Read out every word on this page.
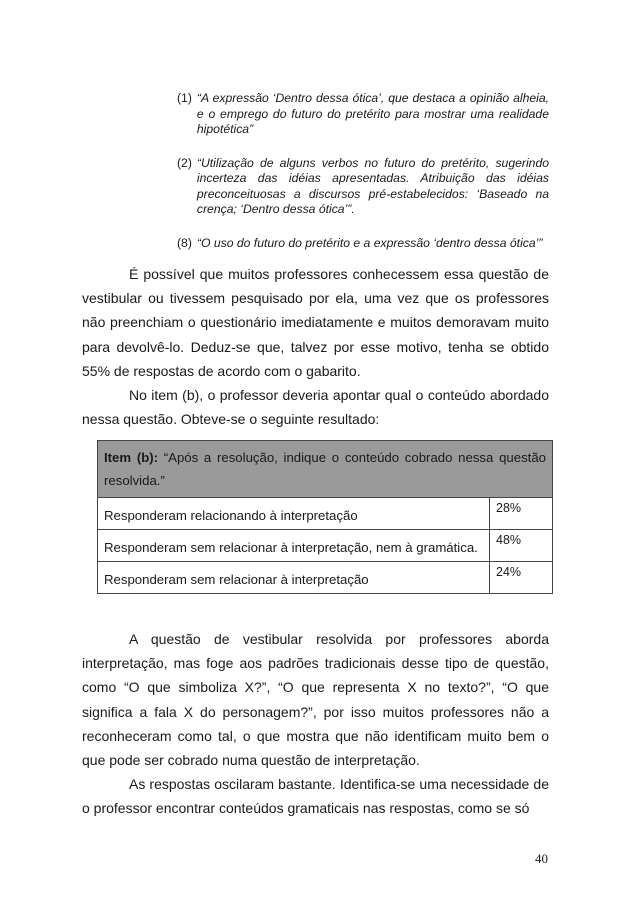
(1) “A expressão ‘Dentro dessa ótica’, que destaca a opinião alheia, e o emprego do futuro do pretérito para mostrar uma realidade hipotética”
(2) “Utilização de alguns verbos no futuro do pretérito, sugerindo incerteza das idéias apresentadas. Atribuição das idéias preconceituosas a discursos pré-estabelecidos: ‘Baseado na crença; ‘Dentro dessa ótica’”.
(8) “O uso do futuro do pretérito e a expressão ‘dentro dessa ótica’”

É possível que muitos professores conhecessem essa questão de vestibular ou tivessem pesquisado por ela, uma vez que os professores não preenchiam o questionário imediatamente e muitos demoravam muito para devolvê-lo. Deduz-se que, talvez por esse motivo, tenha se obtido 55% de respostas de acordo com o gabarito.

No item (b), o professor deveria apontar qual o conteúdo abordado nessa questão. Obteve-se o seguinte resultado:

Item (b): “Após a resolução, indique o conteúdo cobrado nessa questão resolvida.”	
Responderam relacionando à interpretação	28%
Responderam sem relacionar à interpretação, nem à gramática.	48%
Responderam sem relacionar à interpretação	24%

A questão de vestibular resolvida por professores aborda interpretação, mas foge aos padrões tradicionais desse tipo de questão, como “O que simboliza X?”, “O que representa X no texto?”, “O que significa a fala X do personagem?”, por isso muitos professores não a reconheceram como tal, o que mostra que não identificam muito bem o que pode ser cobrado numa questão de interpretação.

As respostas oscilaram bastante. Identifica-se uma necessidade de o professor encontrar conteúdos gramaticais nas respostas, como se só

40
